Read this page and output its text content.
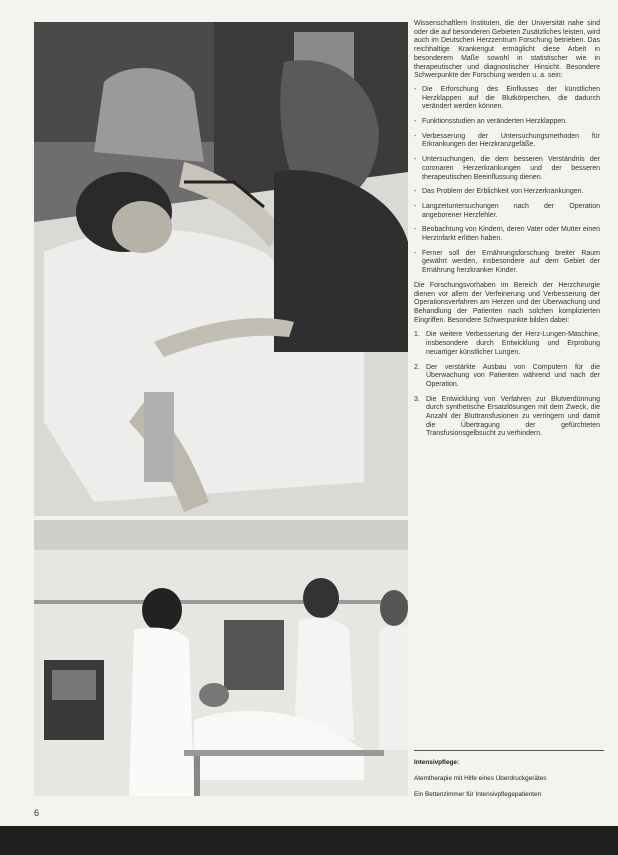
Wissenschaftlern Instituten, die der Universität nahe sind oder die auf besonderen Gebieten Zusätzliches leisten, wird auch im Deutschen Herzzentrum Forschung betrieben. Das reichhaltige Krankengut ermöglicht diese Arbeit in besonderem Maße sowohl in statistischer wie in therapeutischer und diagnostischer Hinsicht. Besondere Schwerpunkte der Forschung werden u. a. sein:

- Die Erforschung des Einflusses der künstlichen Herzklappen auf die Blutkörperchen, die dadurch verändert werden können.
- Funktionsstudien an veränderten Herzklappen.
- Verbesserung der Untersuchungsmethoden für Erkrankungen der Herzkranzgefäße.
- Untersuchungen, die dem besseren Verständnis der coronaren Herzerkrankungen und der besseren therapeutischen Beeinflussung dienen.
- Das Problem der Erblichkeit von Herzerkrankungen.
- Langzeituntersuchungen nach der Operation angeborener Herzfehler.
- Beobachtung von Kindern, deren Vater oder Mutter einen Herzinfarkt erlitten haben.
- Ferner soll der Ernährungsforschung breiter Raum gewährt werden, insbesondere auf dem Gebiet der Ernährung herzkranker Kinder.

Die Forschungsvorhaben im Bereich der Herzchirurgie dienen vor allem der Verfeinerung und Verbesserung der Operationsverfahren am Herzen und der Überwachung und Behandlung der Patienten nach solchen komplizierten Eingriffen. Besondere Schwerpunkte bilden dabei:

1. Die weitere Verbesserung der Herz-Lungen-Maschine, insbesondere durch Entwicklung und Erprobung neuartiger künstlicher Lungen.
2. Der verstärkte Ausbau von Computern für die Überwachung von Patienten während und nach der Operation.
3. Die Entwicklung von Verfahren zur Blutverdünnung durch synthetische Ersatzlösungen mit dem Zweck, die Anzahl der Bluttransfusionen zu verringern und damit die Übertragung der gefürchteten Transfusionsgelbsucht zu verhindern.
Intensivpflege:
Atemtherapie mit Hilfe eines Überdruckgerätes
Ein Bettenzimmer für Intensivpflegepatienten
6
